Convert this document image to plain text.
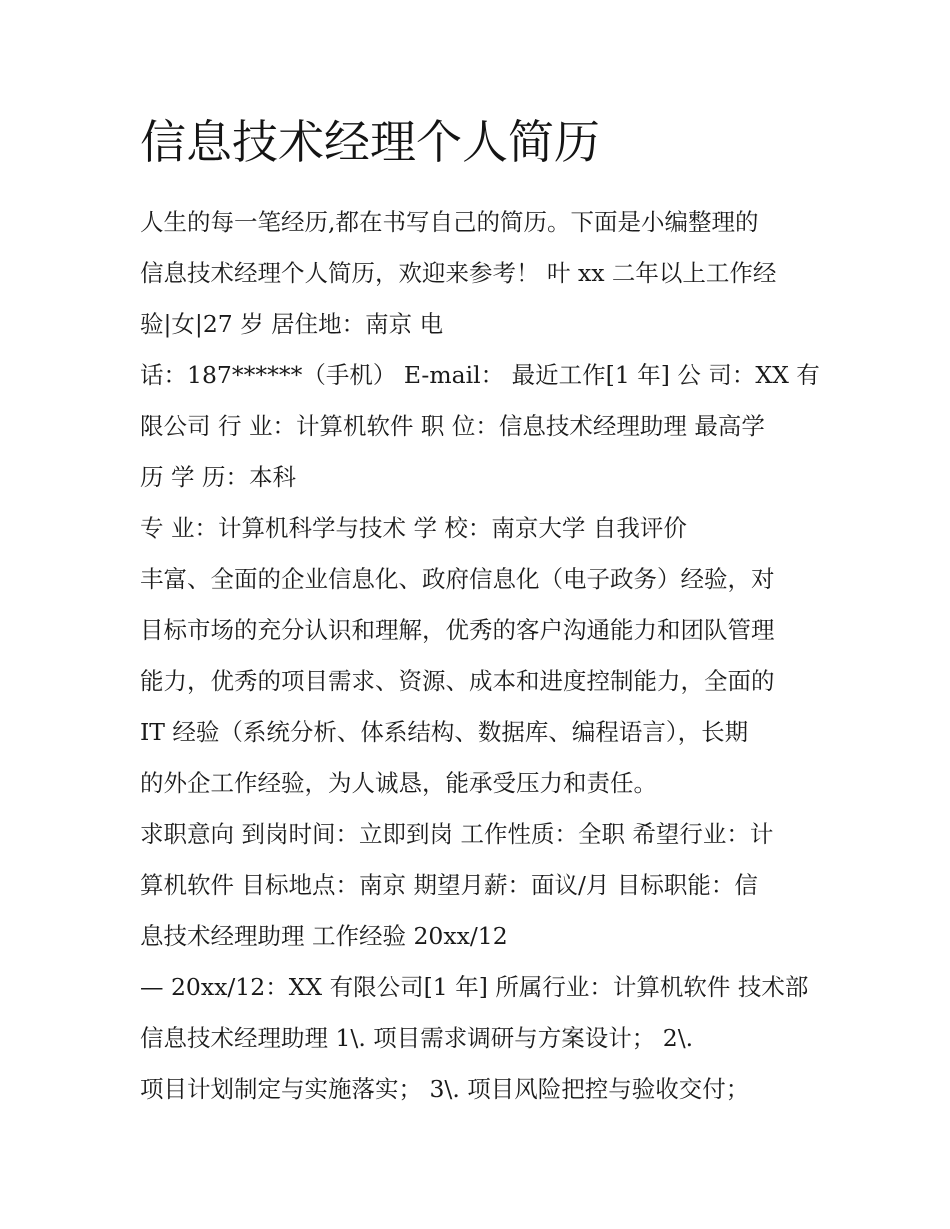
信息技术经理个人简历
人生的每一笔经历,都在书写自己的简历。下面是小编整理的
信息技术经理个人简历，欢迎来参考！ 叶 xx 二年以上工作经
验|女|27 岁 居住地：南京 电
话：187******（手机） E-mail： 最近工作[1 年] 公 司：XX 有
限公司 行 业：计算机软件 职 位：信息技术经理助理 最高学
历 学 历：本科
专 业：计算机科学与技术 学 校：南京大学 自我评价
丰富、全面的企业信息化、政府信息化（电子政务）经验，对
目标市场的充分认识和理解，优秀的客户沟通能力和团队管理
能力，优秀的项目需求、资源、成本和进度控制能力，全面的
IT 经验（系统分析、体系结构、数据库、编程语言），长期
的外企工作经验，为人诚恳，能承受压力和责任。
求职意向 到岗时间：立即到岗 工作性质：全职 希望行业：计
算机软件 目标地点：南京 期望月薪：面议/月 目标职能：信
息技术经理助理 工作经验 20xx/12
— 20xx/12：XX 有限公司[1 年] 所属行业：计算机软件 技术部
信息技术经理助理 1\. 项目需求调研与方案设计； 2\.
项目计划制定与实施落实； 3\. 项目风险把控与验收交付；
